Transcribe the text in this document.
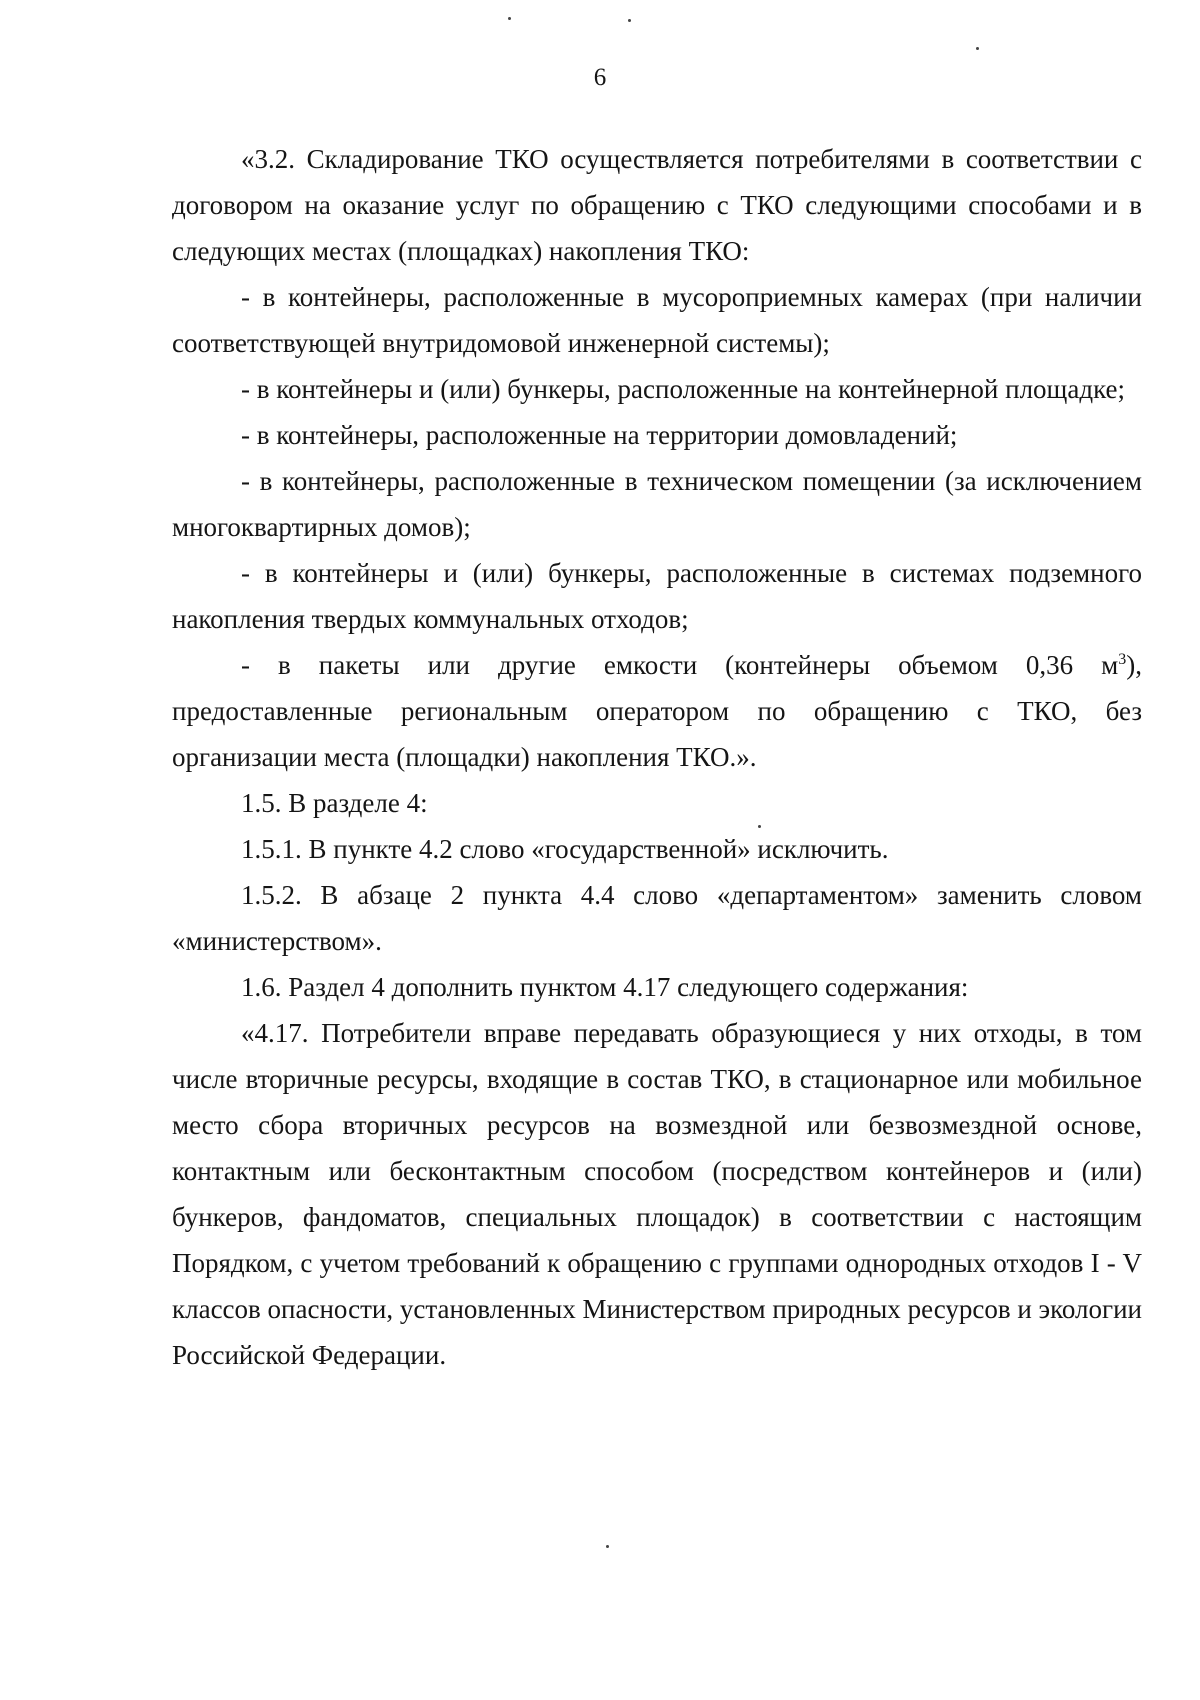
6

«3.2. Складирование ТКО осуществляется потребителями в соответствии с договором на оказание услуг по обращению с ТКО следующими способами и в следующих местах (площадках) накопления ТКО:

- в контейнеры, расположенные в мусороприемных камерах (при наличии соответствующей внутридомовой инженерной системы);

- в контейнеры и (или) бункеры, расположенные на контейнерной площадке;

- в контейнеры, расположенные на территории домовладений;

- в контейнеры, расположенные в техническом помещении (за исключением многоквартирных домов);

- в контейнеры и (или) бункеры, расположенные в системах подземного накопления твердых коммунальных отходов;

- в пакеты или другие емкости (контейнеры объемом 0,36 $м^3$), предоставленные региональным оператором по обращению с ТКО, без организации места (площадки) накопления ТКО.».

1.5. В разделе 4:

1.5.1. В пункте 4.2 слово «государственной» исключить.

1.5.2. В абзаце 2 пункта 4.4 слово «департаментом» заменить словом «министерством».

1.6. Раздел 4 дополнить пунктом 4.17 следующего содержания:

«4.17. Потребители вправе передавать образующиеся у них отходы, в том числе вторичные ресурсы, входящие в состав ТКО, в стационарное или мобильное место сбора вторичных ресурсов на возмездной или безвозмездной основе, контактным или бесконтактным способом (посредством контейнеров и (или) бункеров, фандоматов, специальных площадок) в соответствии с настоящим Порядком, с учетом требований к обращению с группами однородных отходов I - V классов опасности, установленных Министерством природных ресурсов и экологии Российской Федерации.
